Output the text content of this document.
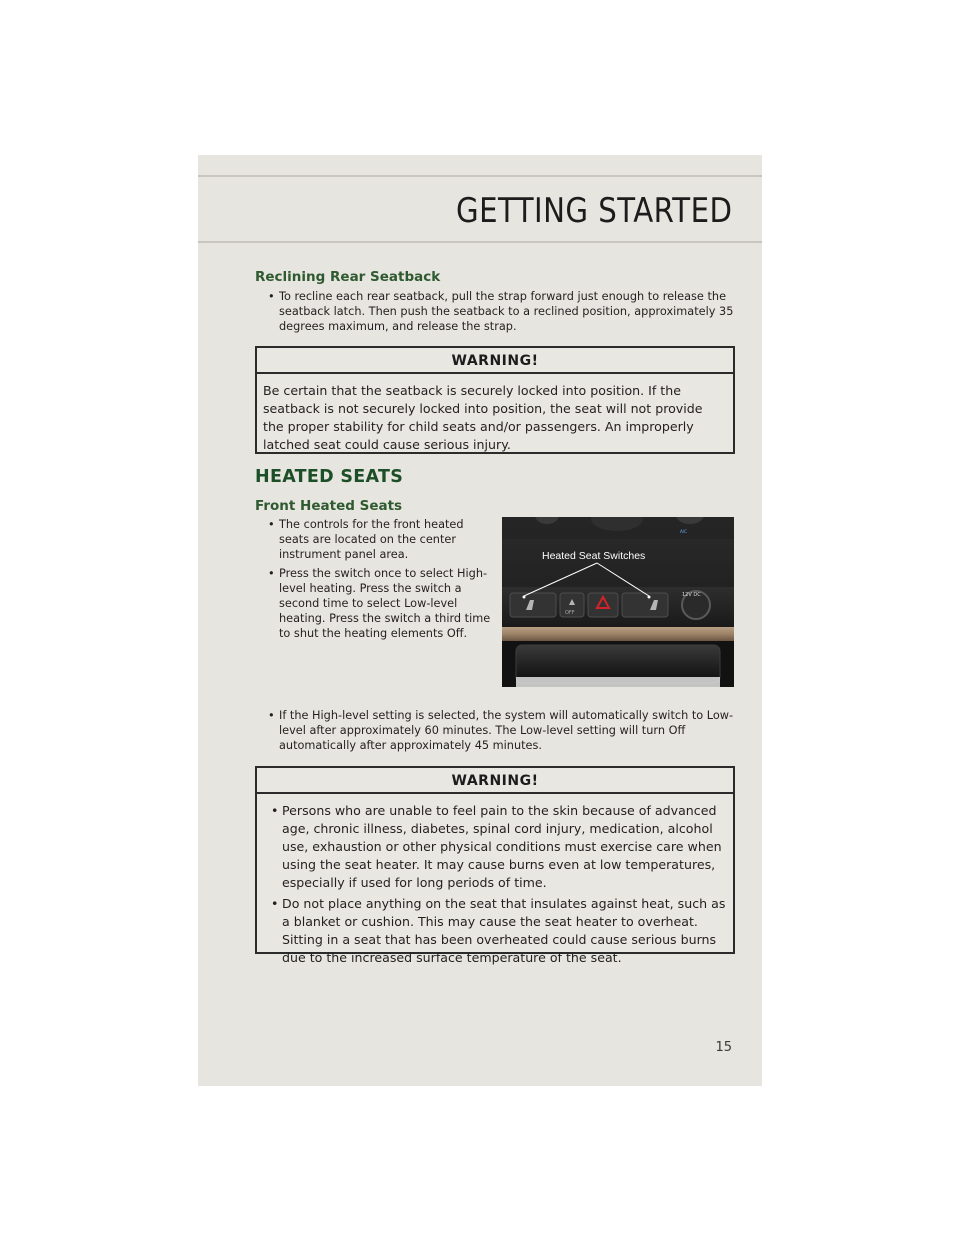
GETTING STARTED
Reclining Rear Seatback
• To recline each rear seatback, pull the strap forward just enough to release the seatback latch. Then push the seatback to a reclined position, approximately 35 degrees maximum, and release the strap.
WARNING!
Be certain that the seatback is securely locked into position. If the seatback is not securely locked into position, the seat will not provide the proper stability for child seats and/or passengers. An improperly latched seat could cause serious injury.
HEATED SEATS
Front Heated Seats
• The controls for the front heated seats are located on the center instrument panel area.
• Press the switch once to select High-level heating. Press the switch a second time to select Low-level heating. Press the switch a third time to shut the heating elements Off.
• If the High-level setting is selected, the system will automatically switch to Low-level after approximately 60 minutes. The Low-level setting will turn Off automatically after approximately 45 minutes.
WARNING!
• Persons who are unable to feel pain to the skin because of advanced age, chronic illness, diabetes, spinal cord injury, medication, alcohol use, exhaustion or other physical conditions must exercise care when using the seat heater. It may cause burns even at low temperatures, especially if used for long periods of time.
• Do not place anything on the seat that insulates against heat, such as a blanket or cushion. This may cause the seat heater to overheat. Sitting in a seat that has been overheated could cause serious burns due to the increased surface temperature of the seat.
A/C
OFF
12V DC
Heated Seat Switches
15
